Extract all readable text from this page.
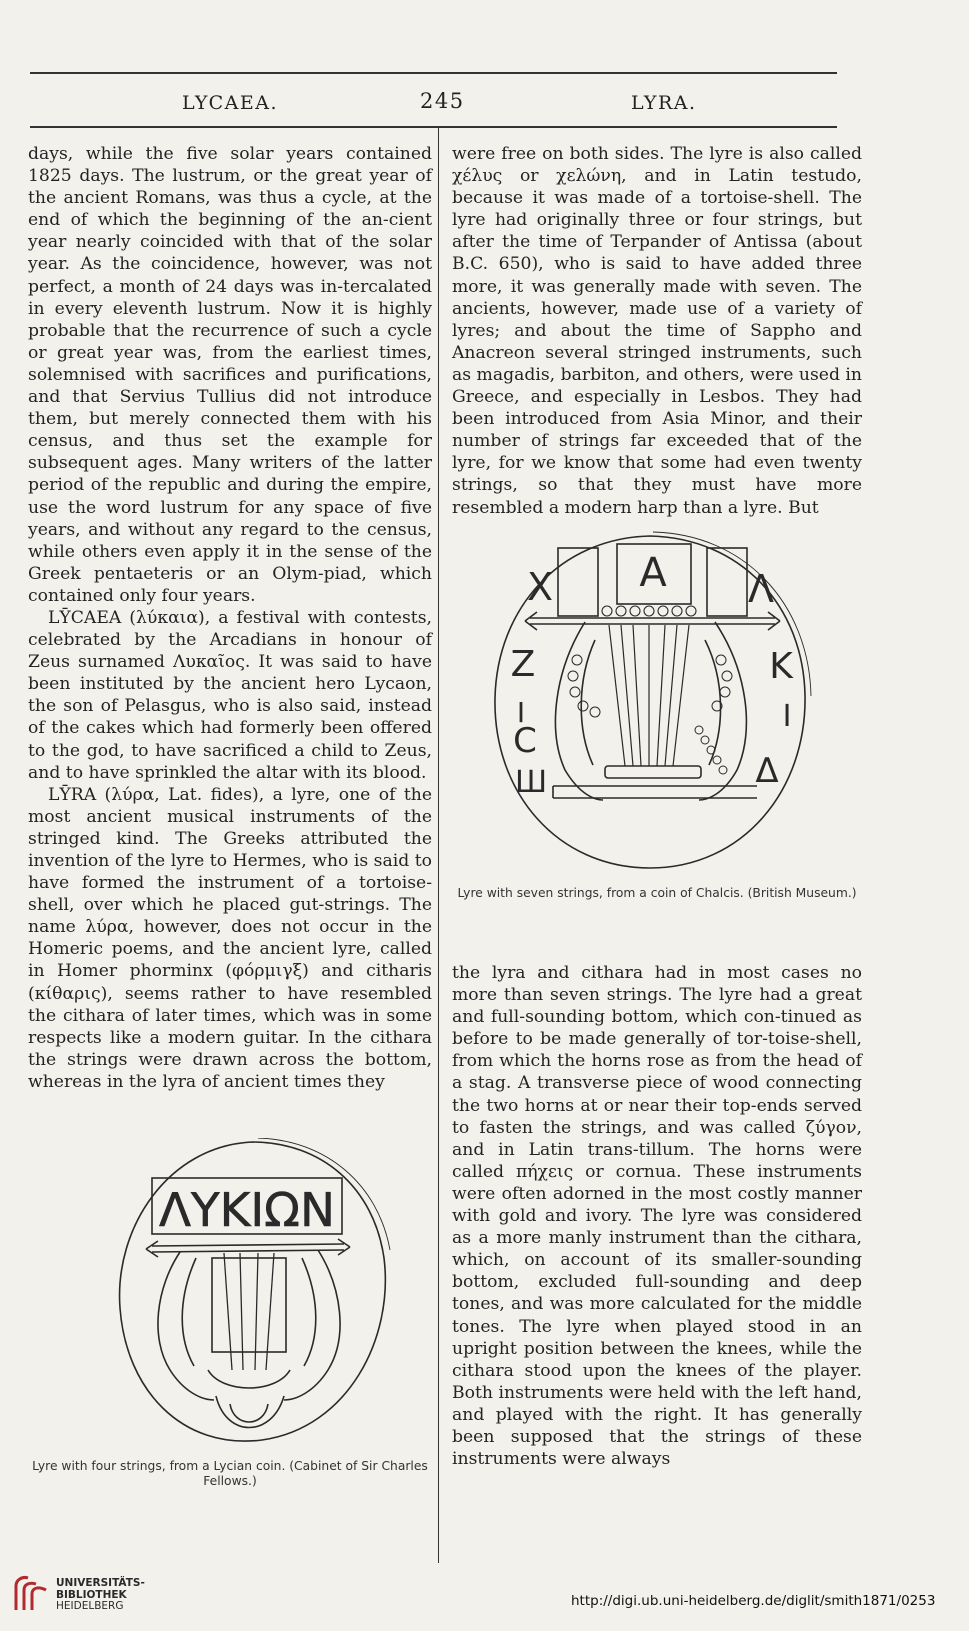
LYCAEA.	245	LYRA.

days, while the five solar years contained 1825 days. The lustrum, or the great year of the ancient Romans, was thus a cycle, at the end of which the beginning of the an-cient year nearly coincided with that of the solar year. As the coincidence, however, was not perfect, a month of 24 days was in-tercalated in every eleventh lustrum. Now it is highly probable that the recurrence of such a cycle or great year was, from the earliest times, solemnised with sacrifices and purifications, and that Servius Tullius did not introduce them, but merely connected them with his census, and thus set the example for subsequent ages. Many writers of the latter period of the republic and during the empire, use the word lustrum for any space of five years, and without any regard to the census, while others even apply it in the sense of the Greek pentaeteris or an Olym-piad, which contained only four years.

LȲCAEA (λύκαια), a festival with contests, celebrated by the Arcadians in honour of Zeus surnamed Λυκαῖος. It was said to have been instituted by the ancient hero Lycaon, the son of Pelasgus, who is also said, instead of the cakes which had formerly been offered to the god, to have sacrificed a child to Zeus, and to have sprinkled the altar with its blood.

LȲRA (λύρα, Lat. fides), a lyre, one of the most ancient musical instruments of the stringed kind. The Greeks attributed the invention of the lyre to Hermes, who is said to have formed the instrument of a tortoise-shell, over which he placed gut-strings. The name λύρα, however, does not occur in the Homeric poems, and the ancient lyre, called in Homer phorminx (φόρμιγξ) and citharis (κίθαρις), seems rather to have resembled the cithara of later times, which was in some respects like a modern guitar. In the cithara the strings were drawn across the bottom, whereas in the lyra of ancient times they

were free on both sides. The lyre is also called χέλυς or χελώνη, and in Latin testudo, because it was made of a tortoise-shell. The lyre had originally three or four strings, but after the time of Terpander of Antissa (about B.C. 650), who is said to have added three more, it was generally made with seven. The ancients, however, made use of a variety of lyres; and about the time of Sappho and Anacreon several stringed instruments, such as magadis, barbiton, and others, were used in Greece, and especially in Lesbos. They had been introduced from Asia Minor, and their number of strings far exceeded that of the lyre, for we know that some had even twenty strings, so that they must have more resembled a modern harp than a lyre. But

Χ Α Λ
Κ
Ι
Δ
Ζ
Ι
Ϲ
Ш
Lyre with seven strings, from a coin of Chalcis. (British Museum.)

the lyra and cithara had in most cases no more than seven strings. The lyre had a great and full-sounding bottom, which con-tinued as before to be made generally of tor-toise-shell, from which the horns rose as from the head of a stag. A transverse piece of wood connecting the two horns at or near their top-ends served to fasten the strings, and was called ζύγον, and in Latin trans-tillum. The horns were called πήχεις or cornua. These instruments were often adorned in the most costly manner with gold and ivory. The lyre was considered as a more manly instrument than the cithara, which, on account of its smaller-sounding bottom, excluded full-sounding and deep tones, and was more calculated for the middle tones. The lyre when played stood in an upright position between the knees, while the cithara stood upon the knees of the player. Both instruments were held with the left hand, and played with the right. It has generally been supposed that the strings of these instruments were always

ΛΥΚΙΩΝ
Lyre with four strings, from a Lycian coin. (Cabinet of Sir Charles Fellows.)
UNIVERSITÄTS-
BIBLIOTHEK
HEIDELBERG	http://digi.ub.uni-heidelberg.de/diglit/smith1871/0253
